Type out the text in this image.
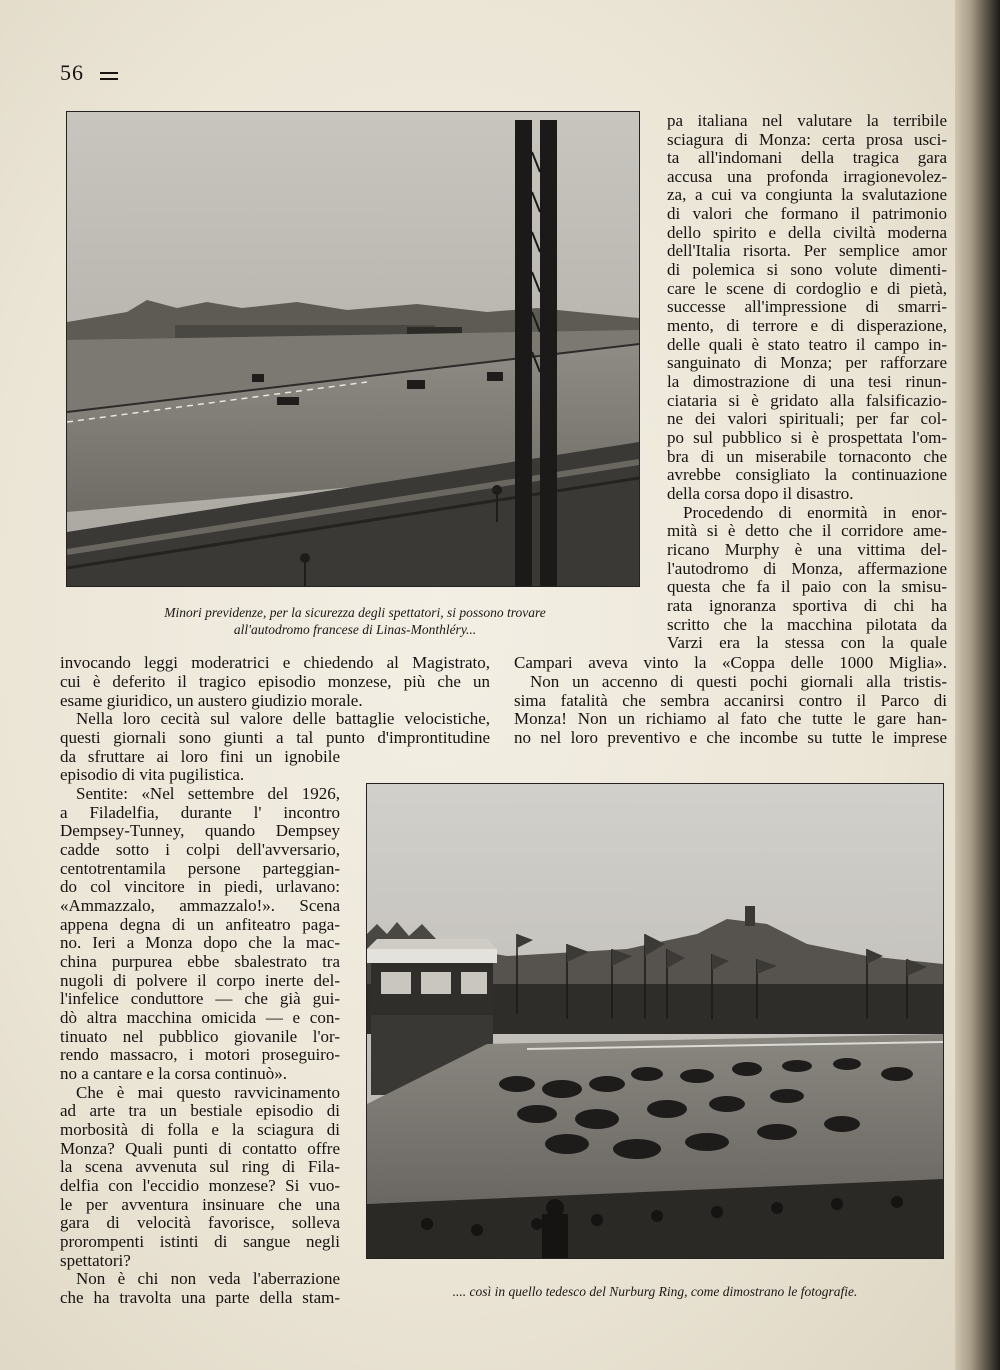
56

Minori previdenze, per la sicurezza degli spettatori, si possono trovare

all'autodromo francese di Linas-Monthléry...

pa italiana nel valutare la terribile

sciagura di Monza: certa prosa usci-

ta all'indomani della tragica gara

accusa una profonda irragionevolez-

za, a cui va congiunta la svalutazione

di valori che formano il patrimonio

dello spirito e della civiltà moderna

dell'Italia risorta. Per semplice amor

di polemica si sono volute dimenti-

care le scene di cordoglio e di pietà,

successe all'impressione di smarri-

mento, di terrore e di disperazione,

delle quali è stato teatro il campo in-

sanguinato di Monza; per rafforzare

la dimostrazione di una tesi rinun-

ciataria si è gridato alla falsificazio-

ne dei valori spirituali; per far col-

po sul pubblico si è prospettata l'om-

bra di un miserabile tornaconto che

avrebbe consigliato la continuazione

della corsa dopo il disastro.

Procedendo di enormità in enor-

mità si è detto che il corridore ame-

ricano Murphy è una vittima del-

l'autodromo di Monza, affermazione

questa che fa il paio con la smisu-

rata ignoranza sportiva di chi ha

scritto che la macchina pilotata da

Varzi era la stessa con la quale

invocando leggi moderatrici e chiedendo al Magistrato,

cui è deferito il tragico episodio monzese, più che un

esame giuridico, un austero giudizio morale.

Nella loro cecità sul valore delle battaglie velocistiche,

questi giornali sono giunti a tal punto d'improntitudine

da sfruttare ai loro fini un ignobile

episodio di vita pugilistica.

Campari aveva vinto la «Coppa delle 1000 Miglia».

Non un accenno di questi pochi giornali alla tristis-

sima fatalità che sembra accanirsi contro il Parco di

Monza! Non un richiamo al fato che tutte le gare han-

no nel loro preventivo e che incombe su tutte le imprese

Sentite: «Nel settembre del 1926,

a Filadelfia, durante l' incontro

Dempsey-Tunney, quando Dempsey

cadde sotto i colpi dell'avversario,

centotrentamila persone parteggian-

do col vincitore in piedi, urlavano:

«Ammazzalo, ammazzalo!». Scena

appena degna di un anfiteatro paga-

no. Ieri a Monza dopo che la mac-

china purpurea ebbe sbalestrato tra

nugoli di polvere il corpo inerte del-

l'infelice conduttore — che già gui-

dò altra macchina omicida — e con-

tinuato nel pubblico giovanile l'or-

rendo massacro, i motori proseguiro-

no a cantare e la corsa continuò».

Che è mai questo ravvicinamento

ad arte tra un bestiale episodio di

morbosità di folla e la sciagura di

Monza? Quali punti di contatto offre

la scena avvenuta sul ring di Fila-

delfia con l'eccidio monzese? Si vuo-

le per avventura insinuare che una

gara di velocità favorisce, solleva

prorompenti istinti di sangue negli

spettatori?

Non è chi non veda l'aberrazione

che ha travolta una parte della stam-	.... così in quello tedesco del Nurburg Ring, come dimostrano le fotografie.
